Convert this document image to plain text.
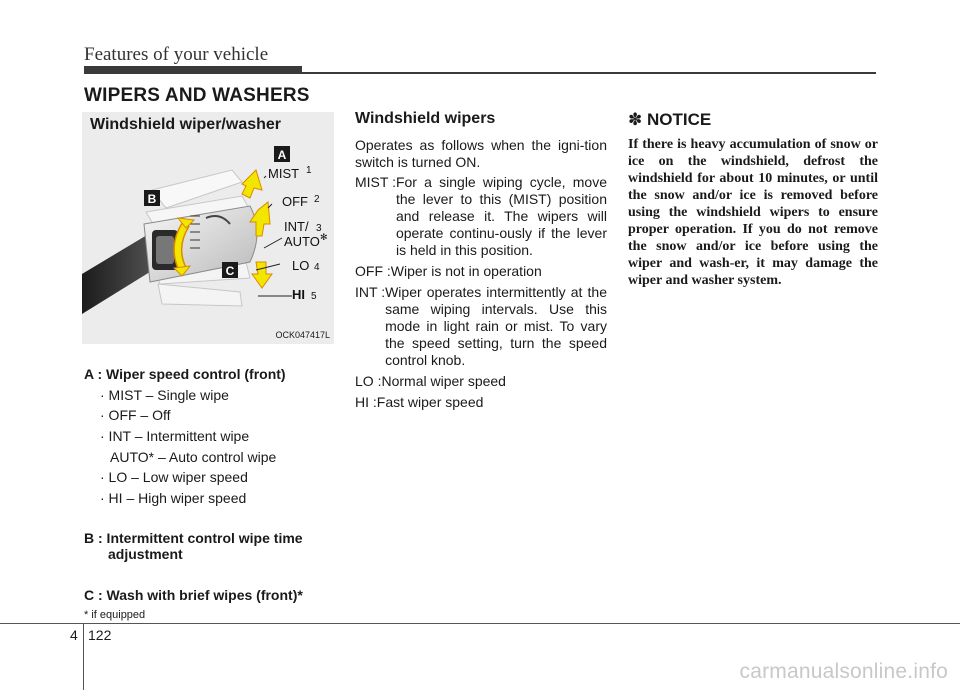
Features of your vehicle
WIPERS AND WASHERS
A
B
C
MIST 1
OFF 2
INT/ 3
AUTO ✻
LO 4
HI 5
Windshield wiper/washer
OCK047417L
A : Wiper speed control (front)
· MIST – Single wipe
· OFF – Off
· INT – Intermittent wipe
AUTO* – Auto control wipe
· LO – Low wiper speed
· HI – High wiper speed
B : Intermittent control wipe time
adjustment
C : Wash with brief wipes (front)*
* if equipped
Windshield wipers
Operates as follows when the igni-tion switch is turned ON.
MIST : For a single wiping cycle, move the lever to this (MIST) position and release it. The wipers will operate continu-ously if the lever is held in this position.
OFF : Wiper is not in operation
INT : Wiper operates intermittently at the same wiping intervals. Use this mode in light rain or mist. To vary the speed setting, turn the speed control knob.
LO : Normal wiper speed
HI : Fast wiper speed
✽ NOTICE
If there is heavy accumulation of snow or ice on the windshield, defrost the windshield for about 10 minutes, or until the snow and/or ice is removed before using the windshield wipers to ensure proper operation. If you do not remove the snow and/or ice before using the wiper and wash-er, it may damage the wiper and washer system.
4 122
carmanualsonline.info
